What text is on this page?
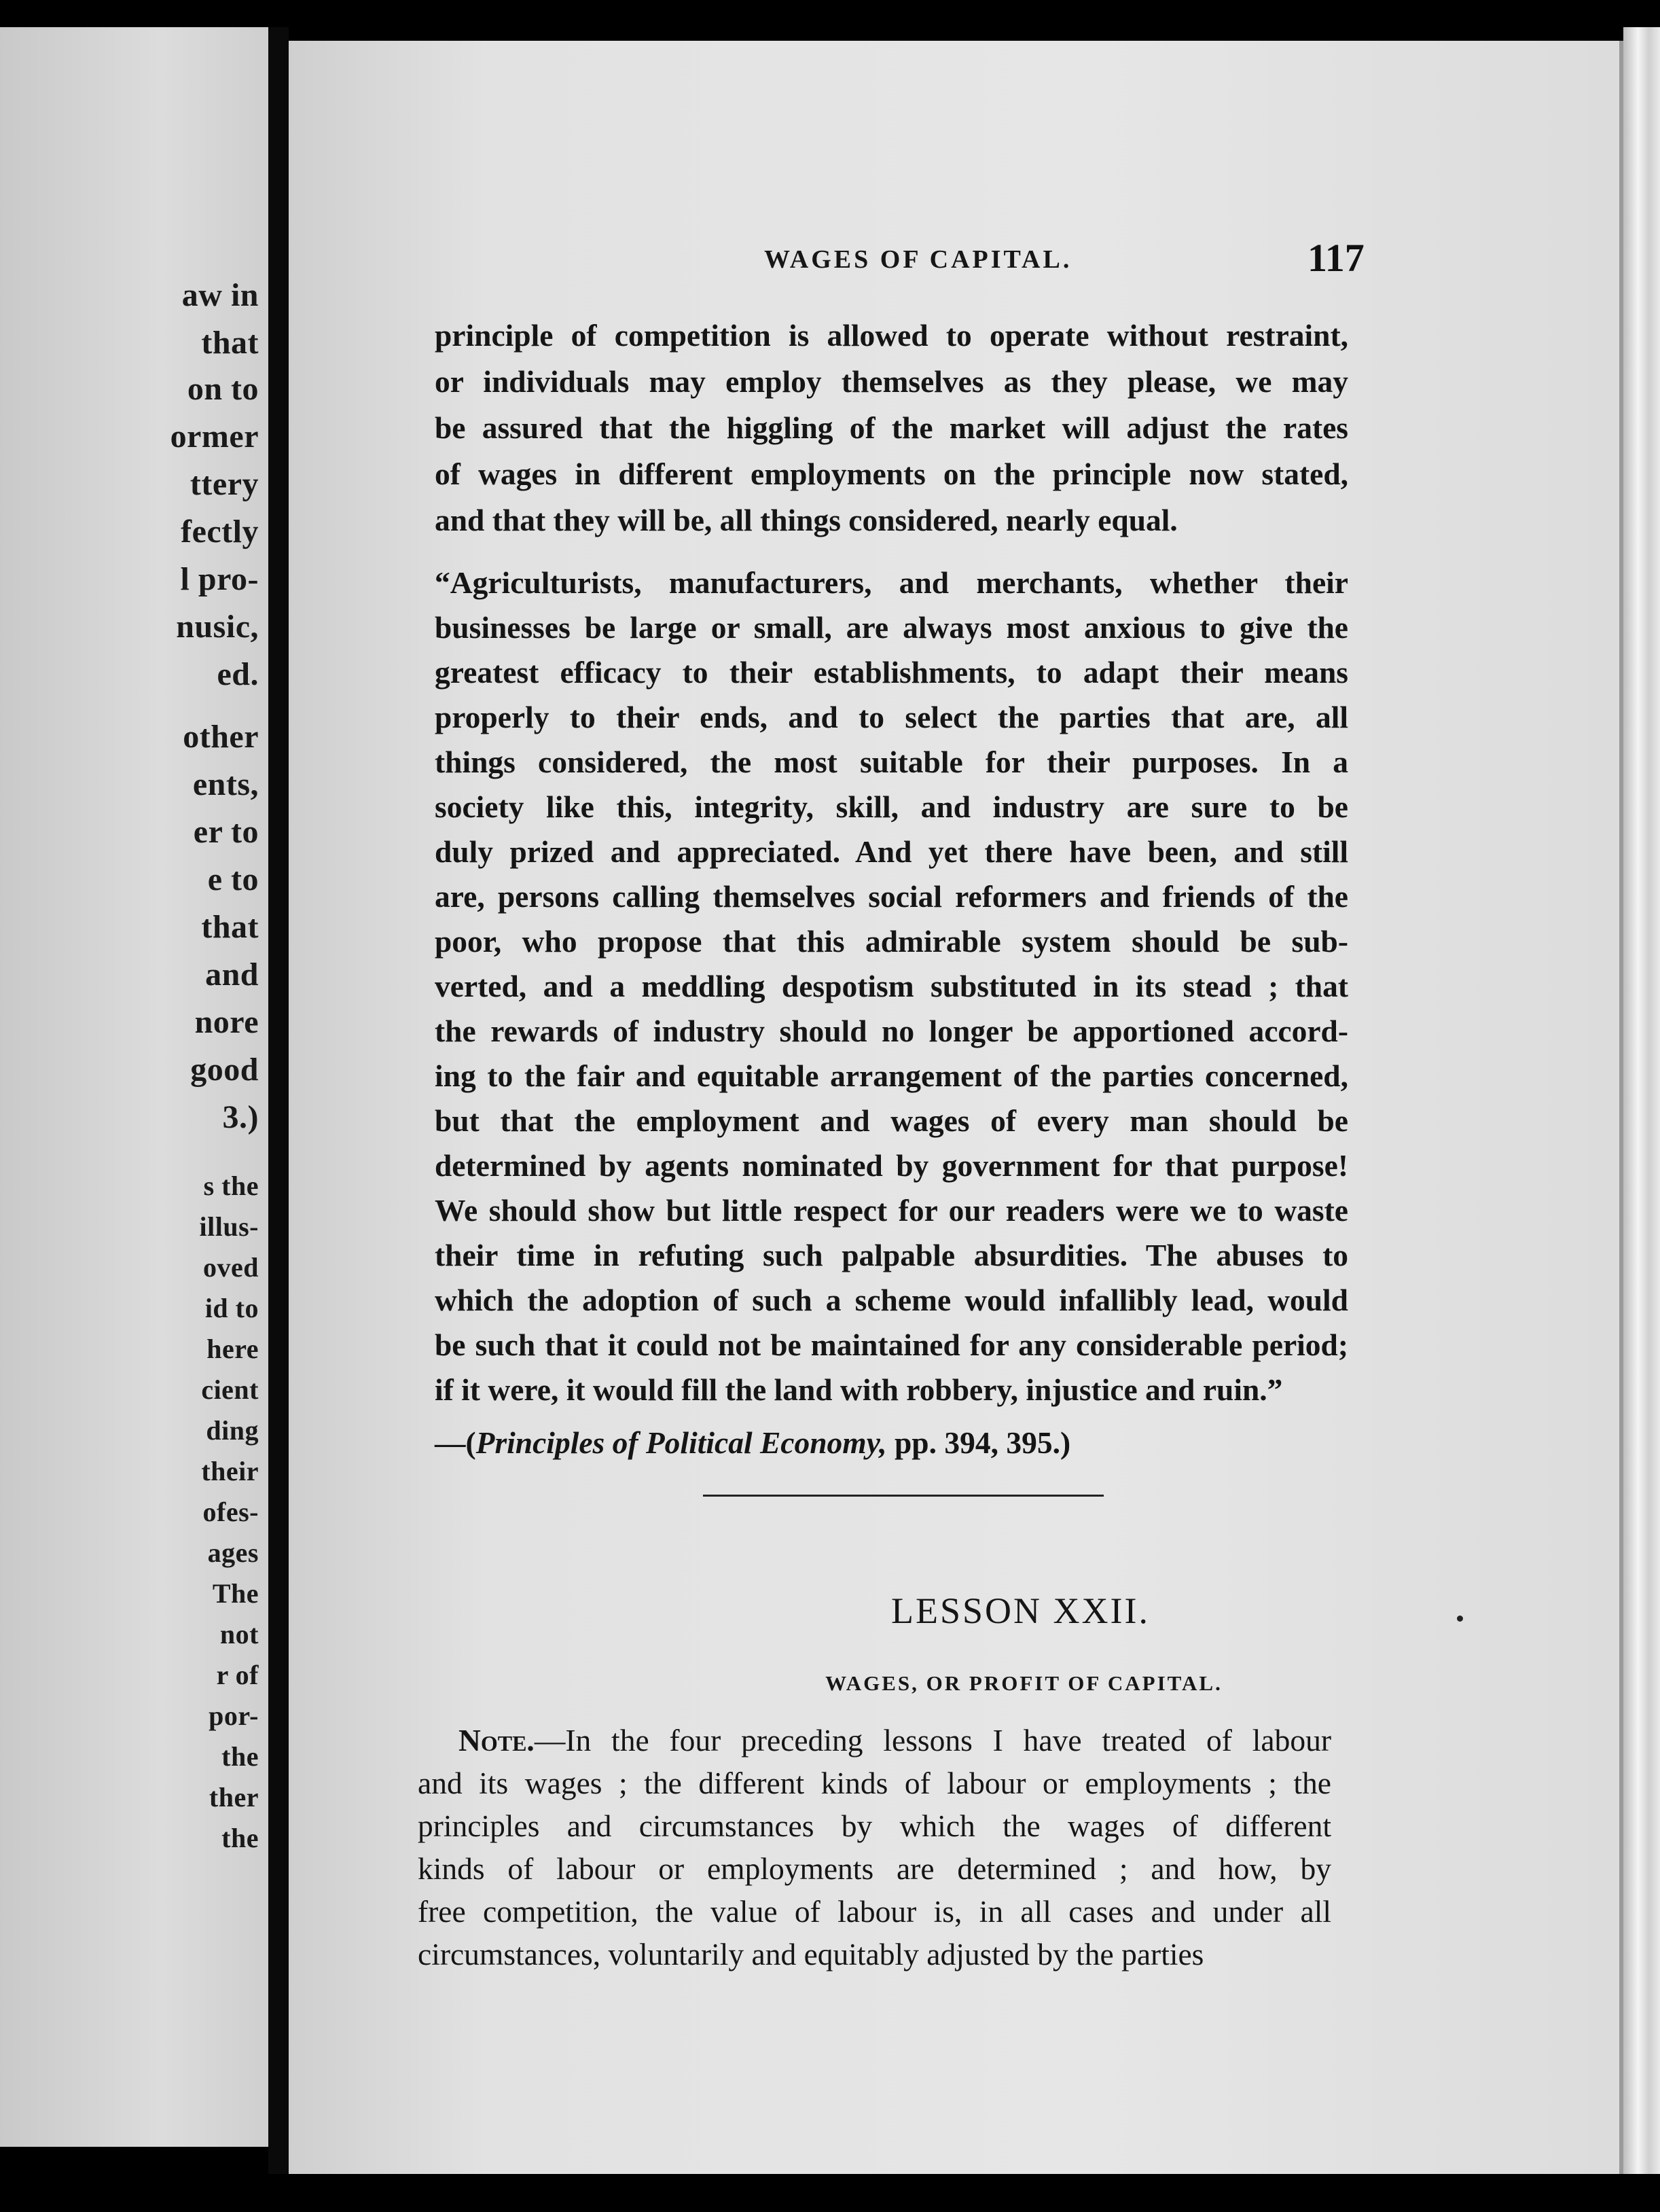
aw in
that
on to
ormer
ttery
fectly
l pro-
nusic,
ed.
other
ents,
er to
e to
that
and
nore
good
3.)
s the
illus-
oved
id to
here
cient
ding
their
ofes-
ages
The
not
r of
por-
the
ther
the
WAGES OF CAPITAL.	117
principle of competition is allowed to operate without restraint,
or individuals may employ themselves as they please, we may
be assured that the higgling of the market will adjust the rates
of wages in different employments on the principle now stated,
and that they will be, all things considered, nearly equal.
“Agriculturists, manufacturers, and merchants, whether their
businesses be large or small, are always most anxious to give the
greatest efficacy to their establishments, to adapt their means
properly to their ends, and to select the parties that are, all
things considered, the most suitable for their purposes. In a
society like this, integrity, skill, and industry are sure to be
duly prized and appreciated. And yet there have been, and still
are, persons calling themselves social reformers and friends of the
poor, who propose that this admirable system should be sub-
verted, and a meddling despotism substituted in its stead ; that
the rewards of industry should no longer be apportioned accord-
ing to the fair and equitable arrangement of the parties concerned,
but that the employment and wages of every man should be
determined by agents nominated by government for that purpose!
We should show but little respect for our readers were we to waste
their time in refuting such palpable absurdities. The abuses to
which the adoption of such a scheme would infallibly lead, would
be such that it could not be maintained for any considerable period;
if it were, it would fill the land with robbery, injustice and ruin.”
—(Principles of Political Economy, pp. 394, 395.)
LESSON XXII.
WAGES, OR PROFIT OF CAPITAL.
Note.—In the four preceding lessons I have treated of labour
and its wages ; the different kinds of labour or employments ; the
principles and circumstances by which the wages of different
kinds of labour or employments are determined ; and how, by
free competition, the value of labour is, in all cases and under all
circumstances, voluntarily and equitably adjusted by the parties
